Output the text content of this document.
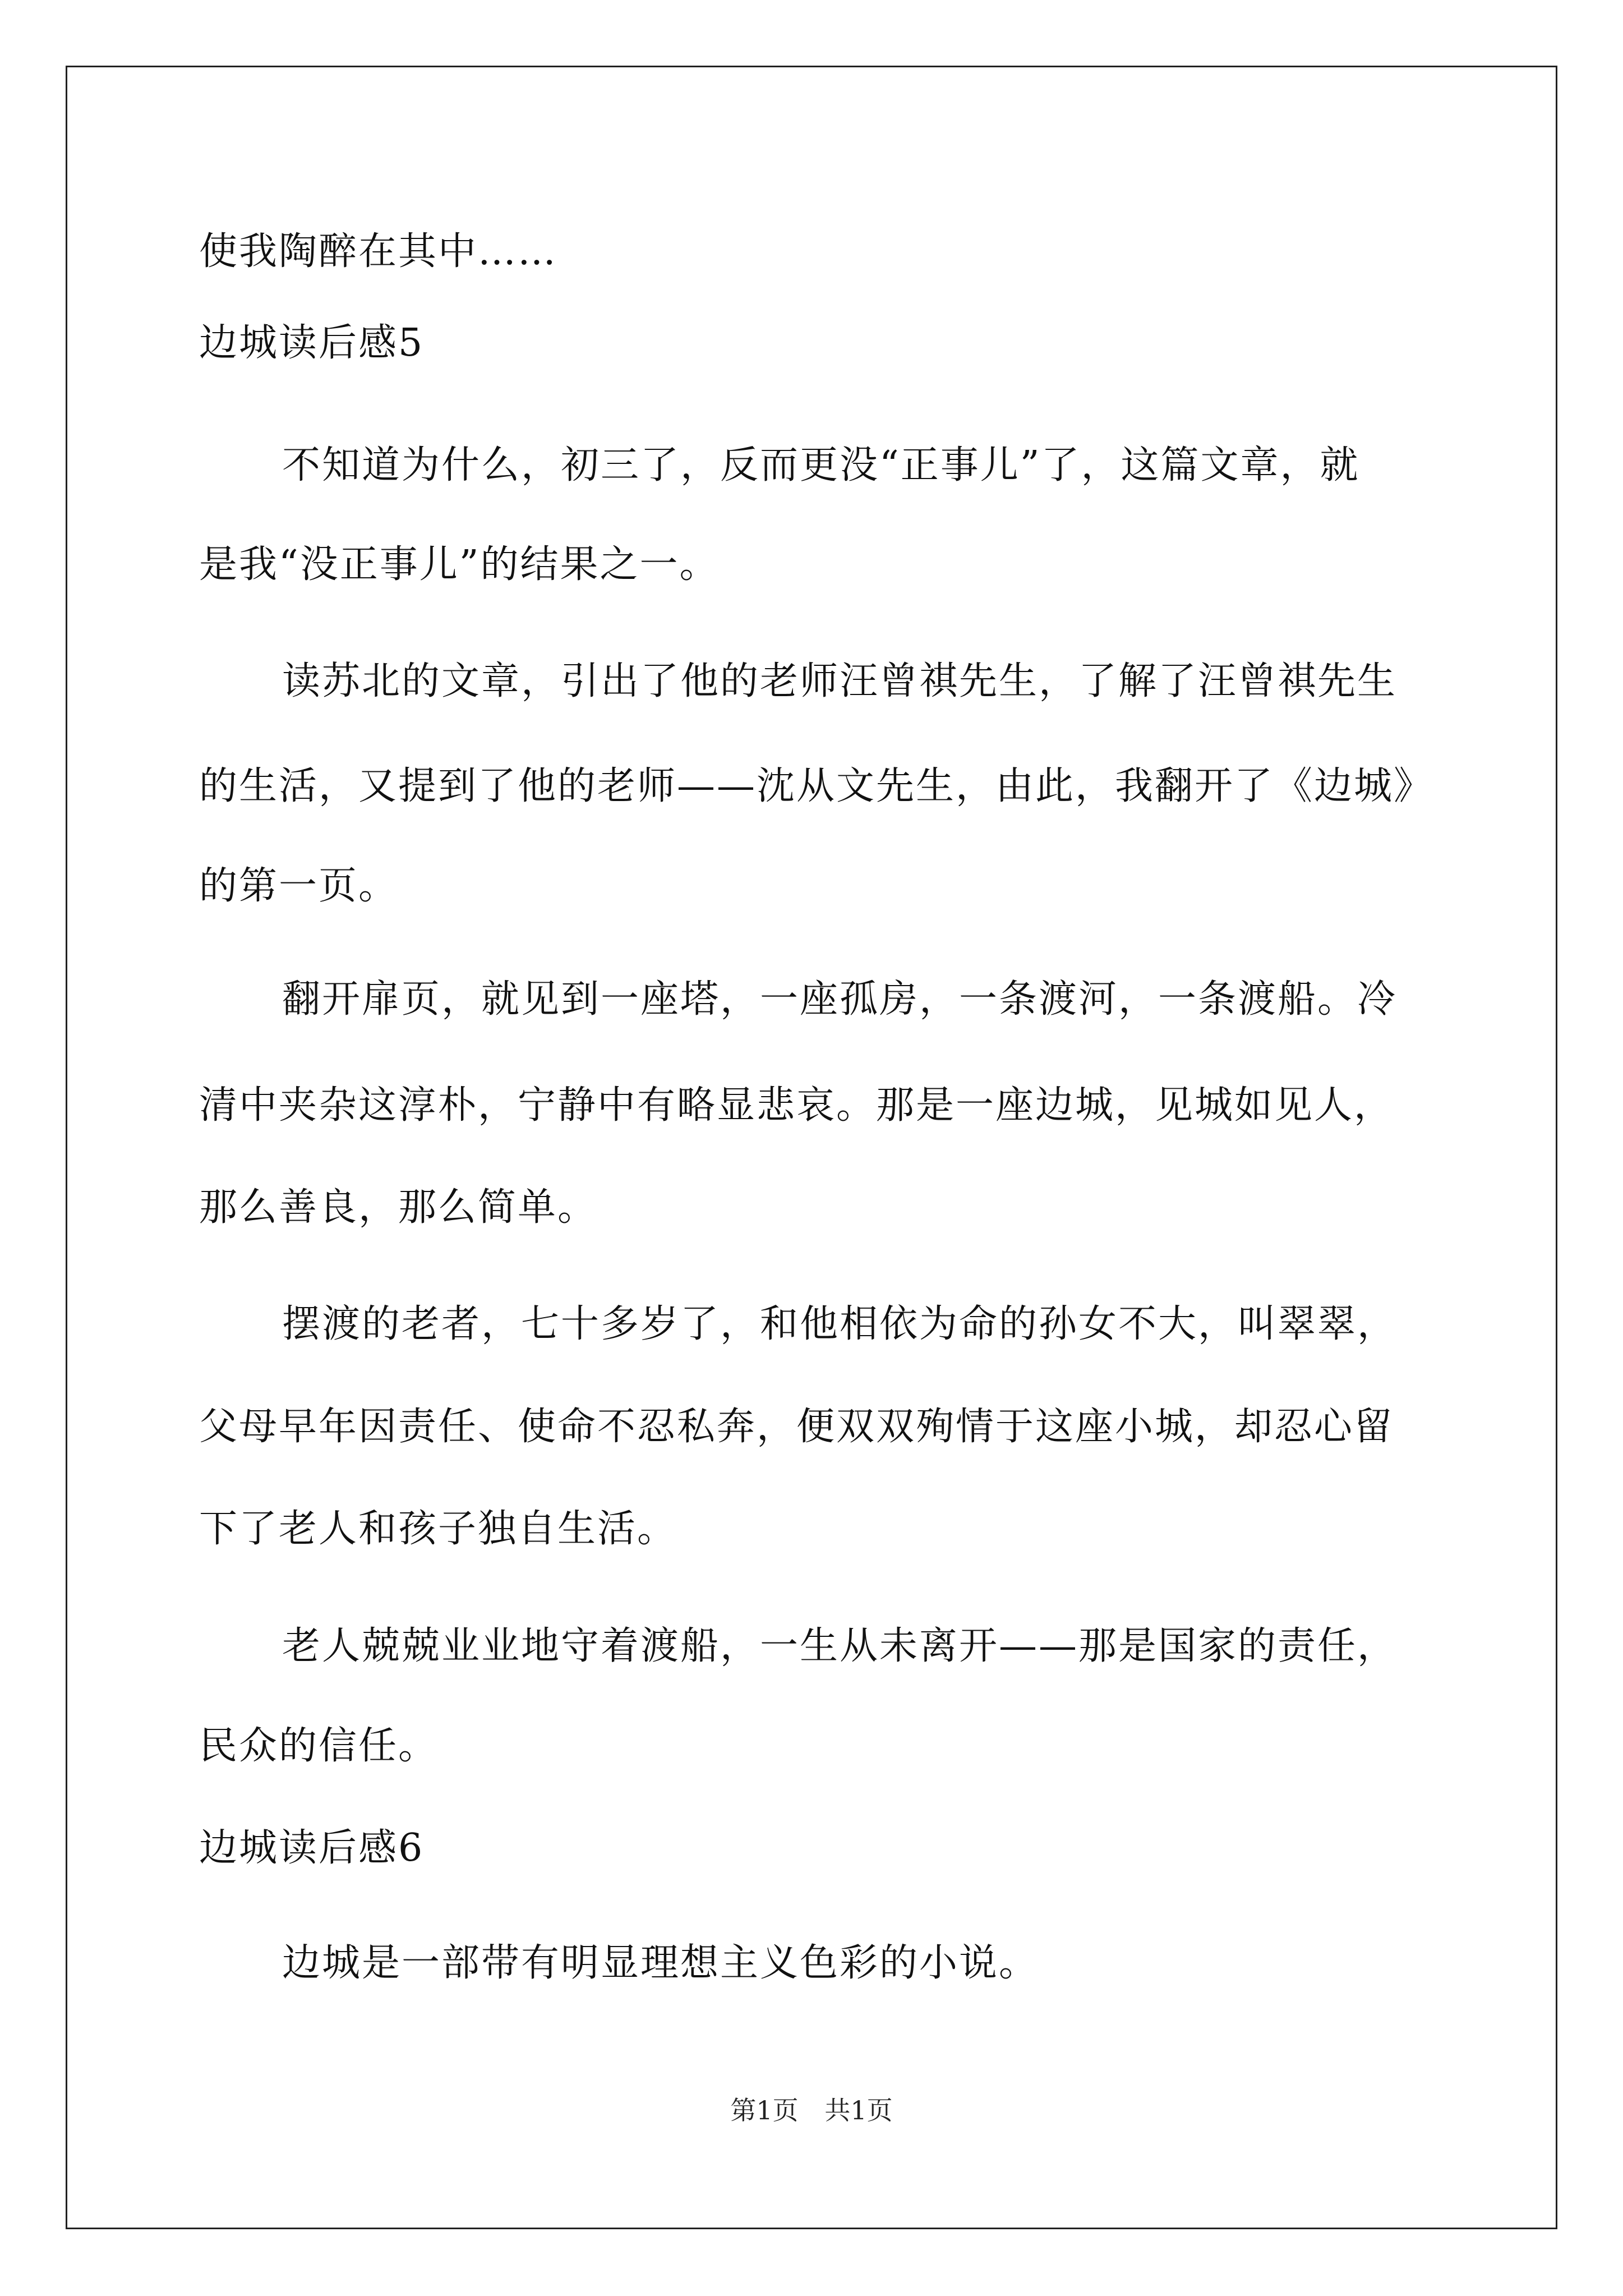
使我陶醉在其中……
边城读后感5
不知道为什么，初三了，反而更没“正事儿”了，这篇文章，就
是我“没正事儿”的结果之一。
读苏北的文章，引出了他的老师汪曾祺先生，了解了汪曾祺先生
的生活，又提到了他的老师——沈从文先生，由此，我翻开了《边城》
的第一页。
翻开扉页，就见到一座塔，一座孤房，一条渡河，一条渡船。冷
清中夹杂这淳朴，宁静中有略显悲哀。那是一座边城，见城如见人，
那么善良，那么简单。
摆渡的老者，七十多岁了，和他相依为命的孙女不大，叫翠翠，
父母早年因责任、使命不忍私奔，便双双殉情于这座小城，却忍心留
下了老人和孩子独自生活。
老人兢兢业业地守着渡船，一生从未离开——那是国家的责任，
民众的信任。
边城读后感6
边城是一部带有明显理想主义色彩的小说。
第1页 共1页
